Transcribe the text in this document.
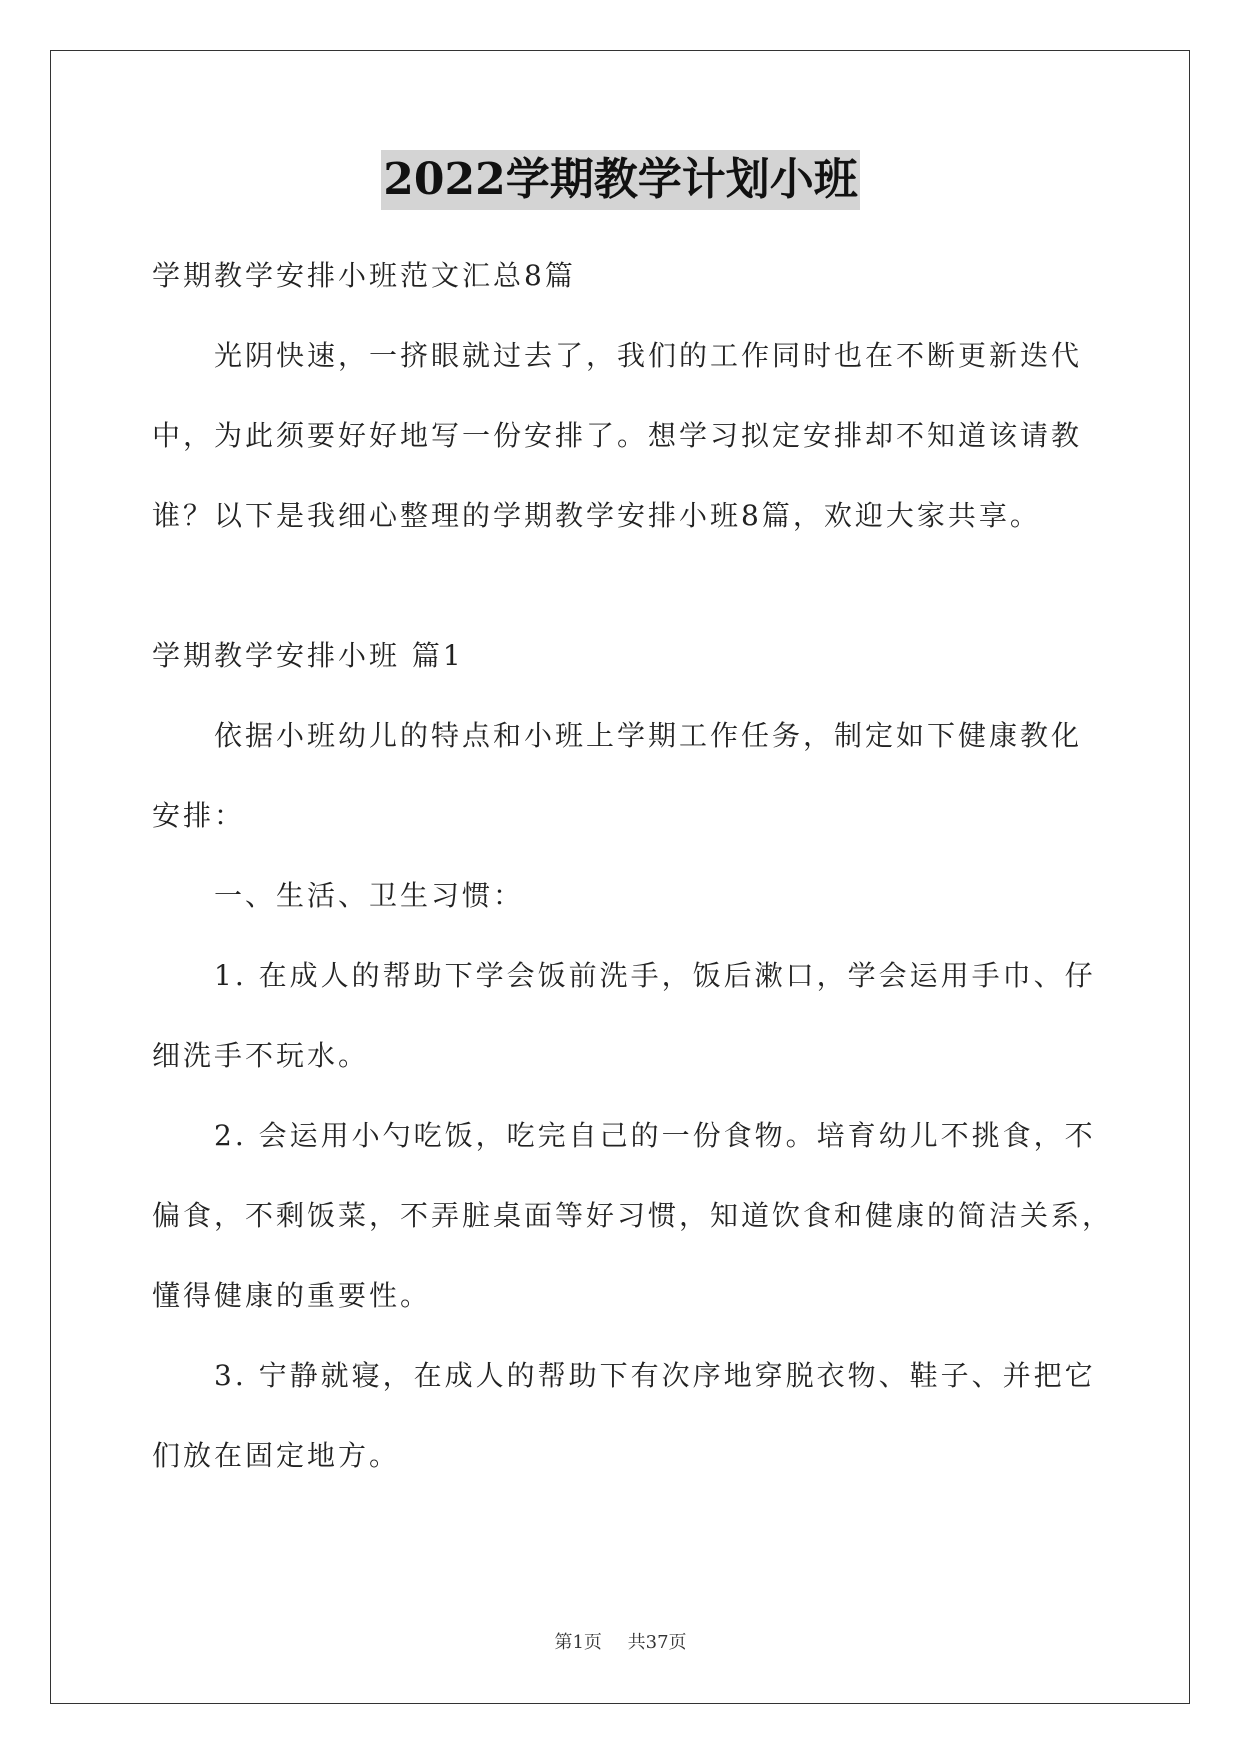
2022学期教学计划小班

学期教学安排小班范文汇总8篇

光阴快速，一挤眼就过去了，我们的工作同时也在不断更新迭代

中，为此须要好好地写一份安排了。想学习拟定安排却不知道该请教

谁？以下是我细心整理的学期教学安排小班8篇，欢迎大家共享。

学期教学安排小班 篇1

依据小班幼儿的特点和小班上学期工作任务，制定如下健康教化

安排：

一、生活、卫生习惯：

1. 在成人的帮助下学会饭前洗手，饭后漱口，学会运用手巾、仔

细洗手不玩水。

2. 会运用小勺吃饭，吃完自己的一份食物。培育幼儿不挑食，不

偏食，不剩饭菜，不弄脏桌面等好习惯，知道饮食和健康的简洁关系，

懂得健康的重要性。

3. 宁静就寝，在成人的帮助下有次序地穿脱衣物、鞋子、并把它

们放在固定地方。

第1页 共37页
